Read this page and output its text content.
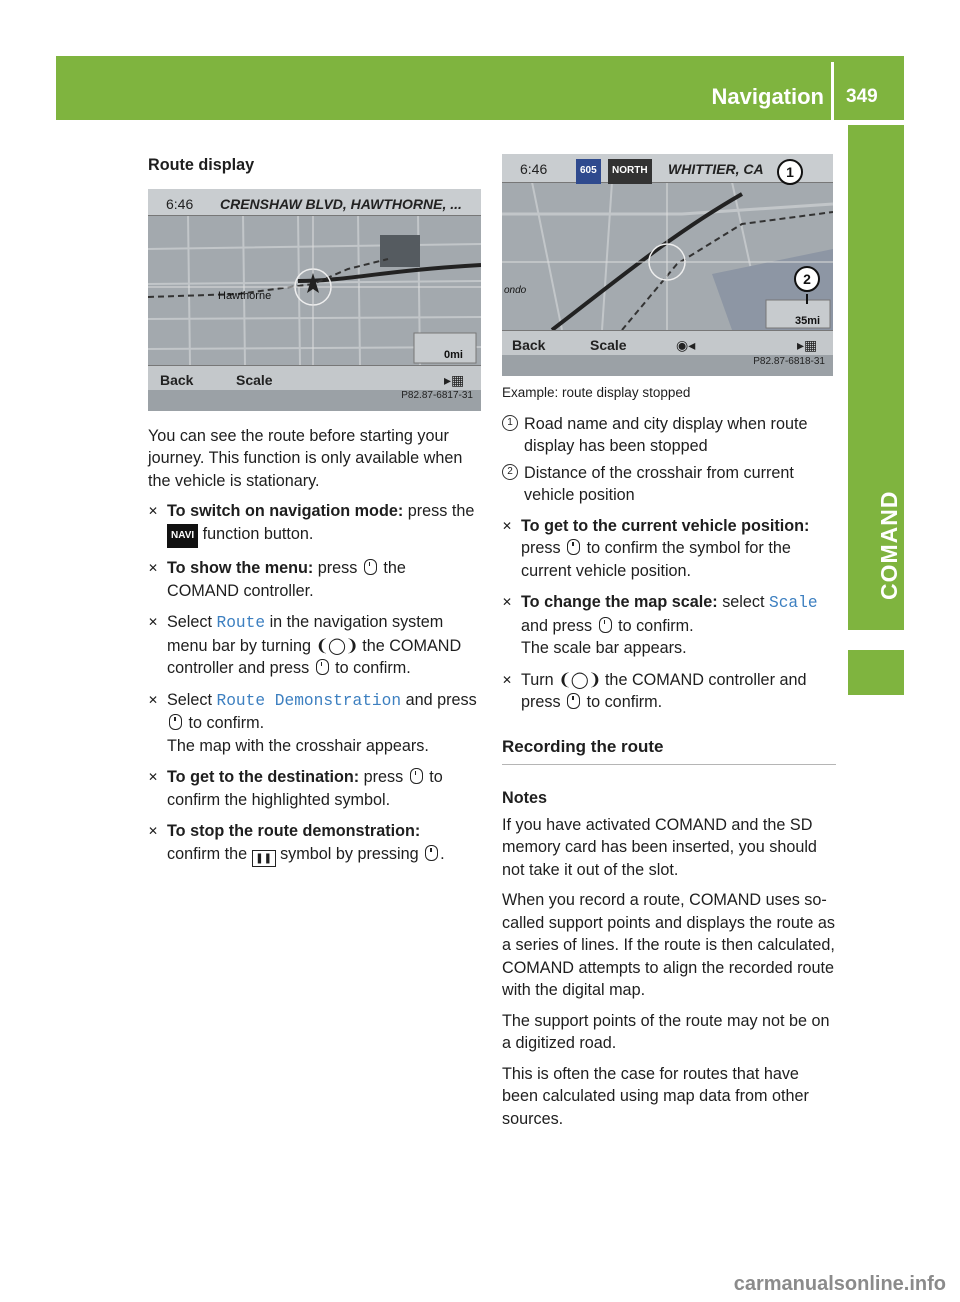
Navigation 349
COMAND
Route display
6:46 CRENSHAW BLVD, HAWTHORNE, ...
Hawthorne
0mi
Back	Scale	▸▦
P82.87-6817-31

You can see the route before starting your journey. This function is only available when the vehicle is stationary.

✕ To switch on navigation mode: press the NAVI function button.
✕ To show the menu: press the COMAND controller.
✕ Select Route in the navigation system menu bar by turning ❨◯❩ the COMAND controller and press to confirm.
✕ Select Route Demonstration and press
to confirm.
The map with the crosshair appears.
✕ To get to the destination: press to confirm the highlighted symbol.
✕ To stop the route demonstration:
confirm the ❚❚ symbol by pressing .
6:46	605	NORTH WHITTIER, CA	1
2
ondo
35mi
Back	Scale	◉◂	▸▦
P82.87-6818-31
Example: route display stopped
1 Road name and city display when route display has been stopped
2 Distance of the crosshair from current vehicle position
✕ To get to the current vehicle position: press to confirm the symbol for the current vehicle position.
✕ To change the map scale: select Scale and press to confirm.
The scale bar appears.
✕ Turn ❨◯❩ the COMAND controller and press to confirm.
Recording the route
Notes

If you have activated COMAND and the SD memory card has been inserted, you should not take it out of the slot.

When you record a route, COMAND uses so-called support points and displays the route as a series of lines. If the route is then calculated, COMAND attempts to align the recorded route with the digital map.

The support points of the route may not be on a digitized road.

This is often the case for routes that have been calculated using map data from other sources.

carmanualsonline.info
